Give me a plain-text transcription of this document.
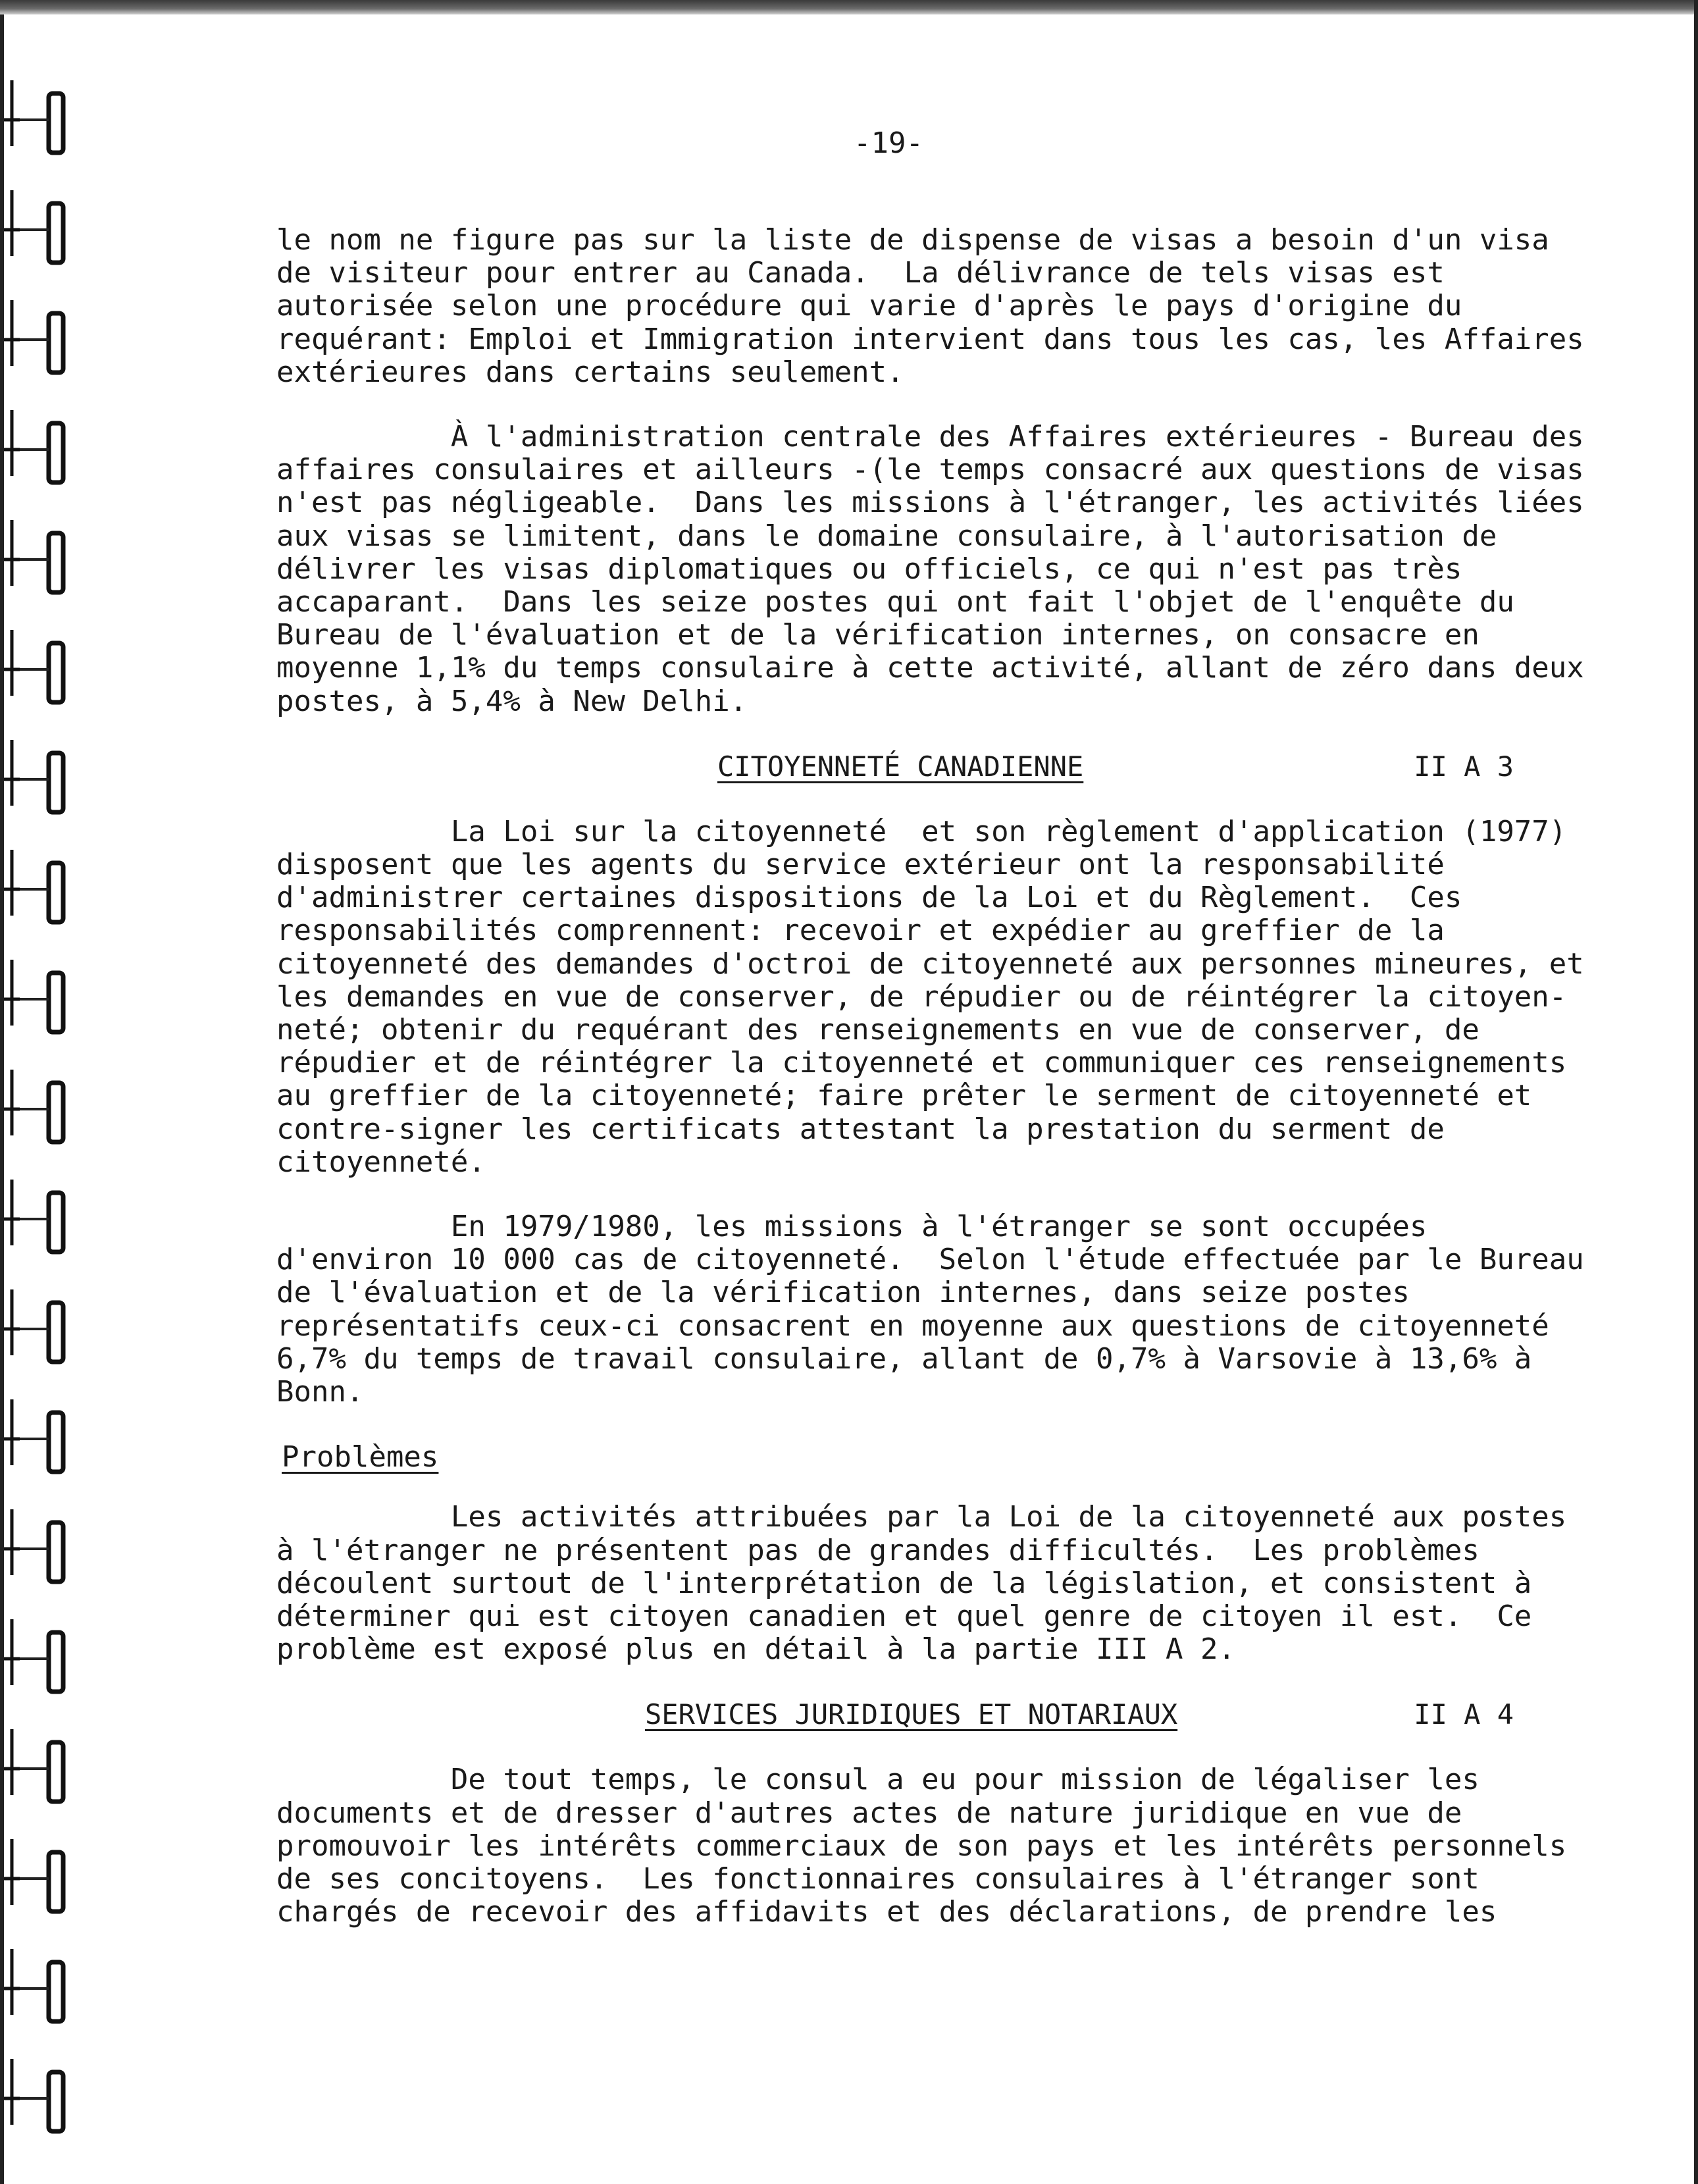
-19-

le nom ne figure pas sur la liste de dispense de visas a besoin d'un visa
de visiteur pour entrer au Canada.  La délivrance de tels visas est
autorisée selon une procédure qui varie d'après le pays d'origine du
requérant: Emploi et Immigration intervient dans tous les cas, les Affaires
extérieures dans certains seulement.

À l'administration centrale des Affaires extérieures - Bureau des
affaires consulaires et ailleurs -(le temps consacré aux questions de visas
n'est pas négligeable.  Dans les missions à l'étranger, les activités liées
aux visas se limitent, dans le domaine consulaire, à l'autorisation de
délivrer les visas diplomatiques ou officiels, ce qui n'est pas très
accaparant.  Dans les seize postes qui ont fait l'objet de l'enquête du
Bureau de l'évaluation et de la vérification internes, on consacre en
moyenne 1,1% du temps consulaire à cette activité, allant de zéro dans deux
postes, à 5,4% à New Delhi.

CITOYENNETÉ CANADIENNE	II A 3

La Loi sur la citoyenneté  et son règlement d'application (1977)
disposent que les agents du service extérieur ont la responsabilité
d'administrer certaines dispositions de la Loi et du Règlement.  Ces
responsabilités comprennent: recevoir et expédier au greffier de la
citoyenneté des demandes d'octroi de citoyenneté aux personnes mineures, et
les demandes en vue de conserver, de répudier ou de réintégrer la citoyen-
neté; obtenir du requérant des renseignements en vue de conserver, de
répudier et de réintégrer la citoyenneté et communiquer ces renseignements
au greffier de la citoyenneté; faire prêter le serment de citoyenneté et
contre-signer les certificats attestant la prestation du serment de
citoyenneté.

En 1979/1980, les missions à l'étranger se sont occupées
d'environ 10 000 cas de citoyenneté.  Selon l'étude effectuée par le Bureau
de l'évaluation et de la vérification internes, dans seize postes
représentatifs ceux-ci consacrent en moyenne aux questions de citoyenneté
6,7% du temps de travail consulaire, allant de 0,7% à Varsovie à 13,6% à
Bonn.

Problèmes

Les activités attribuées par la Loi de la citoyenneté aux postes
à l'étranger ne présentent pas de grandes difficultés.  Les problèmes
découlent surtout de l'interprétation de la législation, et consistent à
déterminer qui est citoyen canadien et quel genre de citoyen il est.  Ce
problème est exposé plus en détail à la partie III A 2.

SERVICES JURIDIQUES ET NOTARIAUX	II A 4

De tout temps, le consul a eu pour mission de légaliser les
documents et de dresser d'autres actes de nature juridique en vue de
promouvoir les intérêts commerciaux de son pays et les intérêts personnels
de ses concitoyens.  Les fonctionnaires consulaires à l'étranger sont
chargés de recevoir des affidavits et des déclarations, de prendre les
